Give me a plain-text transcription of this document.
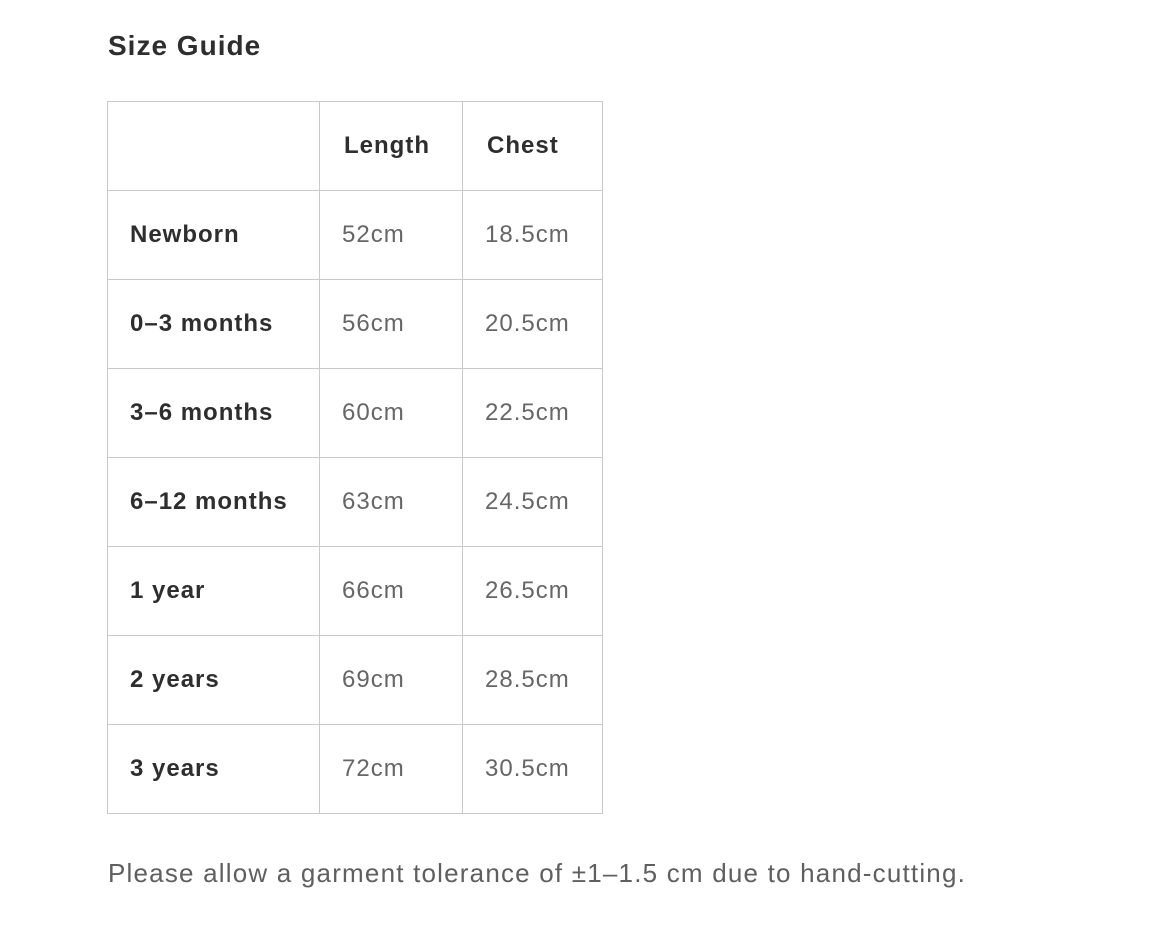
Size Guide
	Length	Chest
Newborn	52cm	18.5cm
0–3 months	56cm	20.5cm
3–6 months	60cm	22.5cm
6–12 months	63cm	24.5cm
1 year	66cm	26.5cm
2 years	69cm	28.5cm
3 years	72cm	30.5cm

Please allow a garment tolerance of ±1–1.5 cm due to hand-cutting.
